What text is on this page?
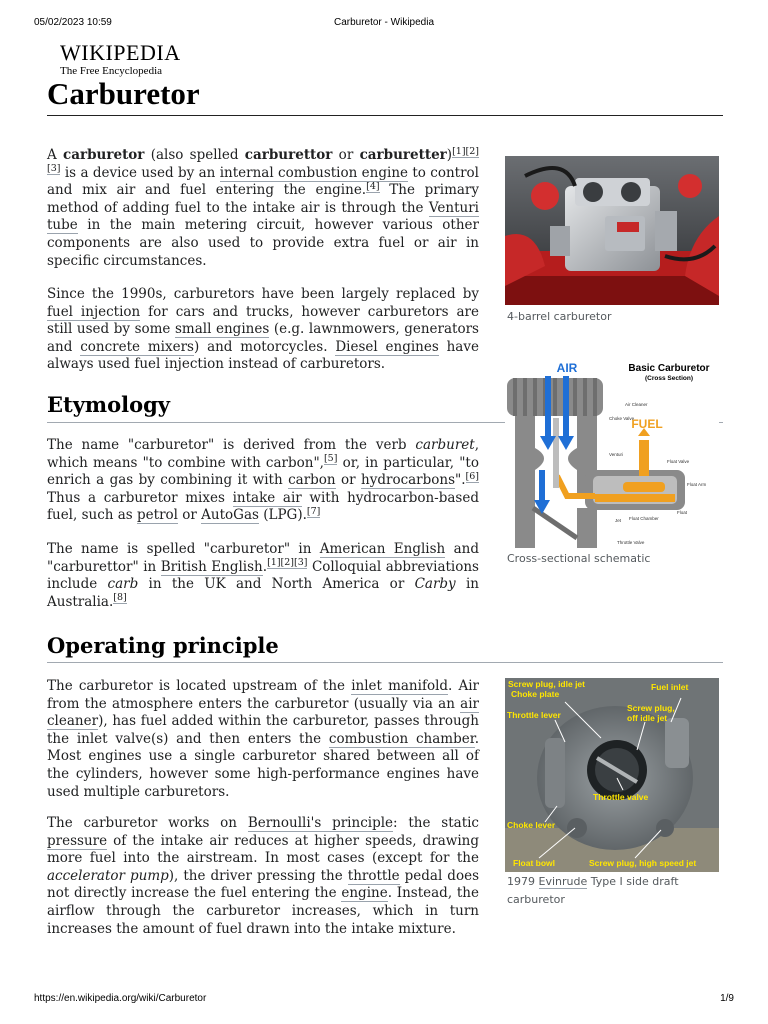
05/02/2023 10:59	Carburetor - Wikipedia
https://en.wikipedia.org/wiki/Carburetor	1/9
WIKIPEDIA
The Free Encyclopedia
Carburetor

A carburetor (also spelled carburettor or carburetter)[1][2][3] is a device used by an internal combustion engine to control and mix air and fuel entering the engine.[4] The primary method of adding fuel to the intake air is through the Venturi tube in the main metering circuit, however various other components are also used to provide extra fuel or air in specific circumstances.

Since the 1990s, carburetors have been largely replaced by fuel injection for cars and trucks, however carburetors are still used by some small engines (e.g. lawnmowers, generators and concrete mixers) and motorcycles. Diesel engines have always used fuel injection instead of carburetors.

Etymology

The name "carburetor" is derived from the verb carburet, which means "to combine with carbon",[5] or, in particular, "to enrich a gas by combining it with carbon or hydrocarbons".[6] Thus a carburetor mixes intake air with hydrocarbon-based fuel, such as petrol or AutoGas (LPG).[7]

The name is spelled "carburetor" in American English and "carburettor" in British English.[1][2][3] Colloquial abbreviations include carb in the UK and North America or Carby in Australia.[8]

Operating principle

The carburetor is located upstream of the inlet manifold. Air from the atmosphere enters the carburetor (usually via an air cleaner), has fuel added within the carburetor, passes through the inlet valve(s) and then enters the combustion chamber. Most engines use a single carburetor shared between all of the cylinders, however some high-performance engines have used multiple carburetors.

The carburetor works on Bernoulli's principle: the static pressure of the intake air reduces at higher speeds, drawing more fuel into the airstream. In most cases (except for the accelerator pump), the driver pressing the throttle pedal does not directly increase the fuel entering the engine. Instead, the airflow through the carburetor increases, which in turn increases the amount of fuel drawn into the intake mixture.

4-barrel carburetor
AIR
FUEL
Basic Carburetor
(Cross Section)
Air Cleaner
Choke Valve
Venturi
Float Valve
Float Arm
Float
Float Chamber
Jet
Throttle Valve
Cross-sectional schematic
Screw plug, idle jet
Choke plate
Fuel inlet
Throttle lever
Screw plug,
off idle jet
Throttle valve
Choke lever
Float bowl	Screw plug, high speed jet
1979 Evinrude Type I side draft carburetor
